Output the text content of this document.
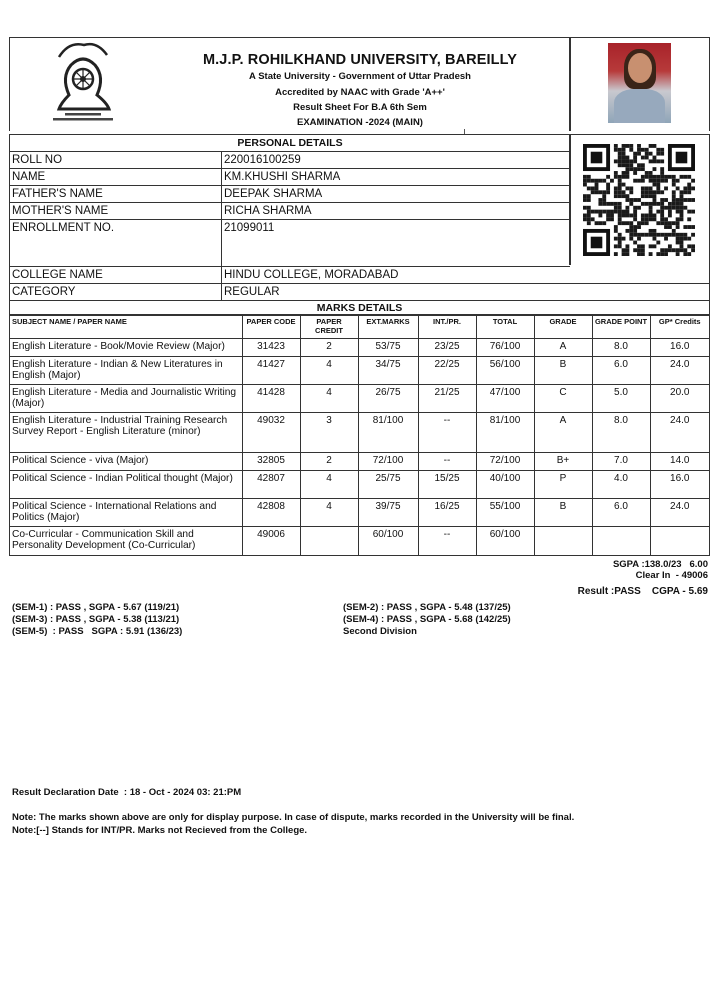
M.J.P. ROHILKHAND UNIVERSITY, BAREILLY
A State University - Government of Uttar Pradesh
Accredited by NAAC with Grade 'A++'
Result Sheet For B.A 6th Sem
EXAMINATION -2024 (MAIN)
PERSONAL DETAILS	
ROLL NO	220016100259
NAME	KM.KHUSHI SHARMA
FATHER'S NAME	DEEPAK SHARMA
MOTHER'S NAME	RICHA SHARMA
ENROLLMENT NO.	21099011
COLLEGE NAME	HINDU COLLEGE, MORADABAD
CATEGORY	REGULAR
MARKS DETAILS
SUBJECT NAME / PAPER NAME	PAPER CODE	PAPER CREDIT	EXT.MARKS	INT./PR.	TOTAL	GRADE	GRADE POINT	GP* Credits
English Literature - Book/Movie Review (Major)	31423	2	53/75	23/25	76/100	A	8.0	16.0
English Literature - Indian & New Literatures in English (Major)	41427	4	34/75	22/25	56/100	B	6.0	24.0
English Literature - Media and Journalistic Writing (Major)	41428	4	26/75	21/25	47/100	C	5.0	20.0
English Literature - Industrial Training Research Survey Report - English Literature (minor)	49032	3	81/100	--	81/100	A	8.0	24.0
Political Science - viva (Major)	32805	2	72/100	--	72/100	B+	7.0	14.0
Political Science - Indian Political thought (Major)	42807	4	25/75	15/25	40/100	P	4.0	16.0
Political Science - International Relations and Politics (Major)	42808	4	39/75	16/25	55/100	B	6.0	24.0
Co-Curricular - Communication Skill and Personality Development (Co-Curricular)	49006		60/100	--	60/100			
SGPA :138.0/23   6.00
Clear In  - 49006
Result :PASS    CGPA - 5.69
(SEM-1) : PASS , SGPA - 5.67 (119/21)
(SEM-3) : PASS , SGPA - 5.38 (113/21)
(SEM-5)  : PASS   SGPA : 5.91 (136/23)
(SEM-2) : PASS , SGPA - 5.48 (137/25)
(SEM-4) : PASS , SGPA - 5.68 (142/25)
Second Division
Result Declaration Date  : 18 - Oct - 2024 03: 21:PM
Note: The marks shown above are only for display purpose. In case of dispute, marks recorded in the University will be final.
Note:[--] Stands for INT/PR. Marks not Recieved from the College.
